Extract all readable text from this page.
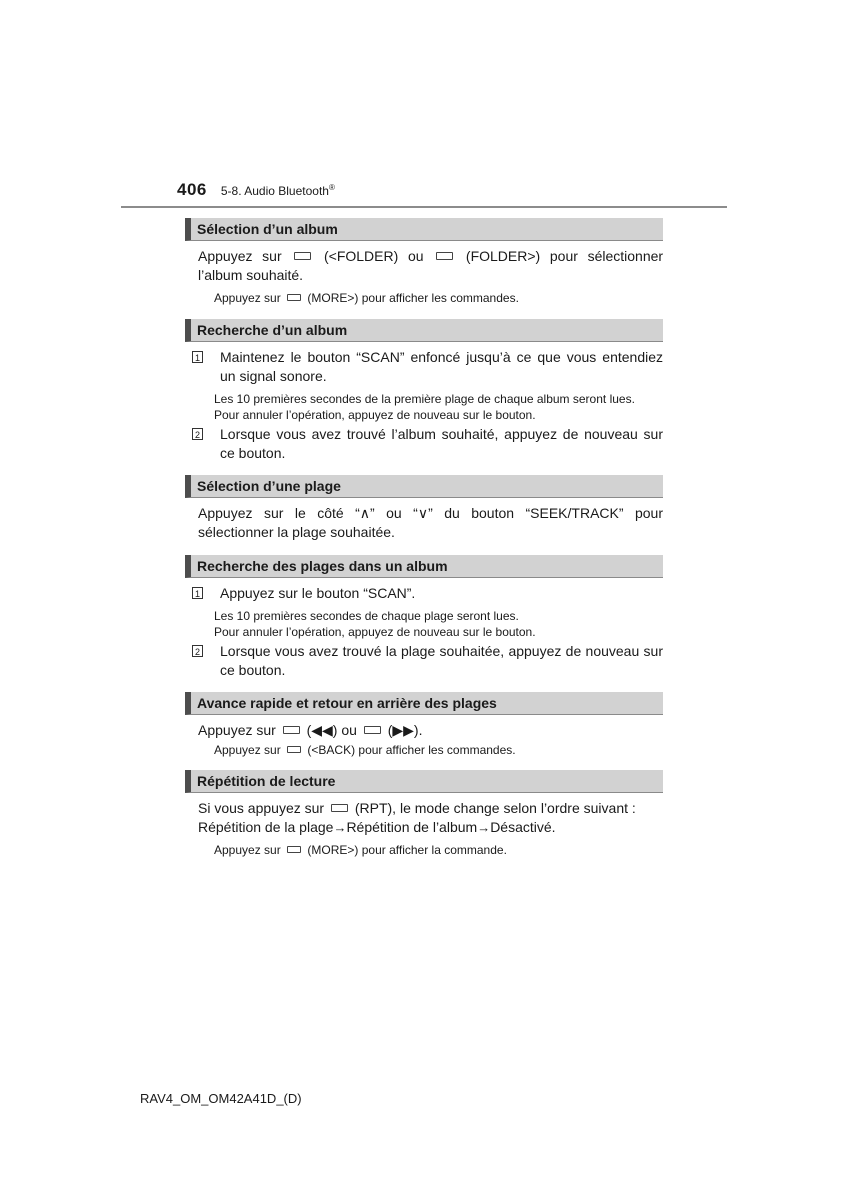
406 5-8. Audio Bluetooth®
Sélection d’un album
Appuyez sur	(<FOLDER) ou	(FOLDER>) pour sélectionner l’album souhaité.
Appuyez sur (MORE>) pour afficher les commandes.
Recherche d’un album
1 Maintenez le bouton “SCAN” enfoncé jusqu’à ce que vous entendiez un signal sonore.
Les 10 premières secondes de la première plage de chaque album seront lues.
Pour annuler l’opération, appuyez de nouveau sur le bouton.
2 Lorsque vous avez trouvé l’album souhaité, appuyez de nouveau sur ce bouton.
Sélection d’une plage
Appuyez sur le côté “∧” ou “∨” du bouton “SEEK/TRACK” pour sélectionner la plage souhaitée.
Recherche des plages dans un album
1 Appuyez sur le bouton “SCAN”.
Les 10 premières secondes de chaque plage seront lues.
Pour annuler l’opération, appuyez de nouveau sur le bouton.
2 Lorsque vous avez trouvé la plage souhaitée, appuyez de nouveau sur ce bouton.
Avance rapide et retour en arrière des plages
Appuyez sur (◀◀) ou (▶▶).
Appuyez sur (<BACK) pour afficher les commandes.
Répétition de lecture
Si vous appuyez sur (RPT), le mode change selon l’ordre suivant :
Répétition de la plage→Répétition de l’album→Désactivé.
Appuyez sur (MORE>) pour afficher la commande.
RAV4_OM_OM42A41D_(D)
